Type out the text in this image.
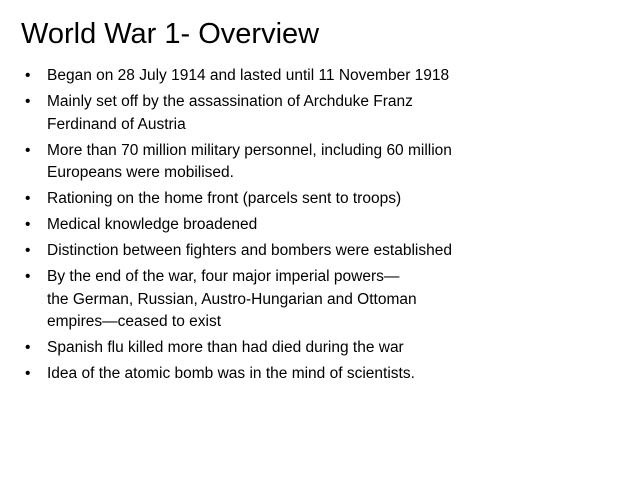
World War 1- Overview
•	Began on 28 July 1914 and lasted until 11 November 1918
•	Mainly set off by the assassination of Archduke Franz
Ferdinand of Austria
•	More than 70 million military personnel, including 60 million
Europeans were mobilised.
•	Rationing on the home front (parcels sent to troops)
•	Medical knowledge broadened
•	Distinction between fighters and bombers were established
•	By the end of the war, four major imperial powers—
the German, Russian, Austro-Hungarian and Ottoman
empires—ceased to exist
•	Spanish flu killed more than had died during the war
•	Idea of the atomic bomb was in the mind of scientists.
